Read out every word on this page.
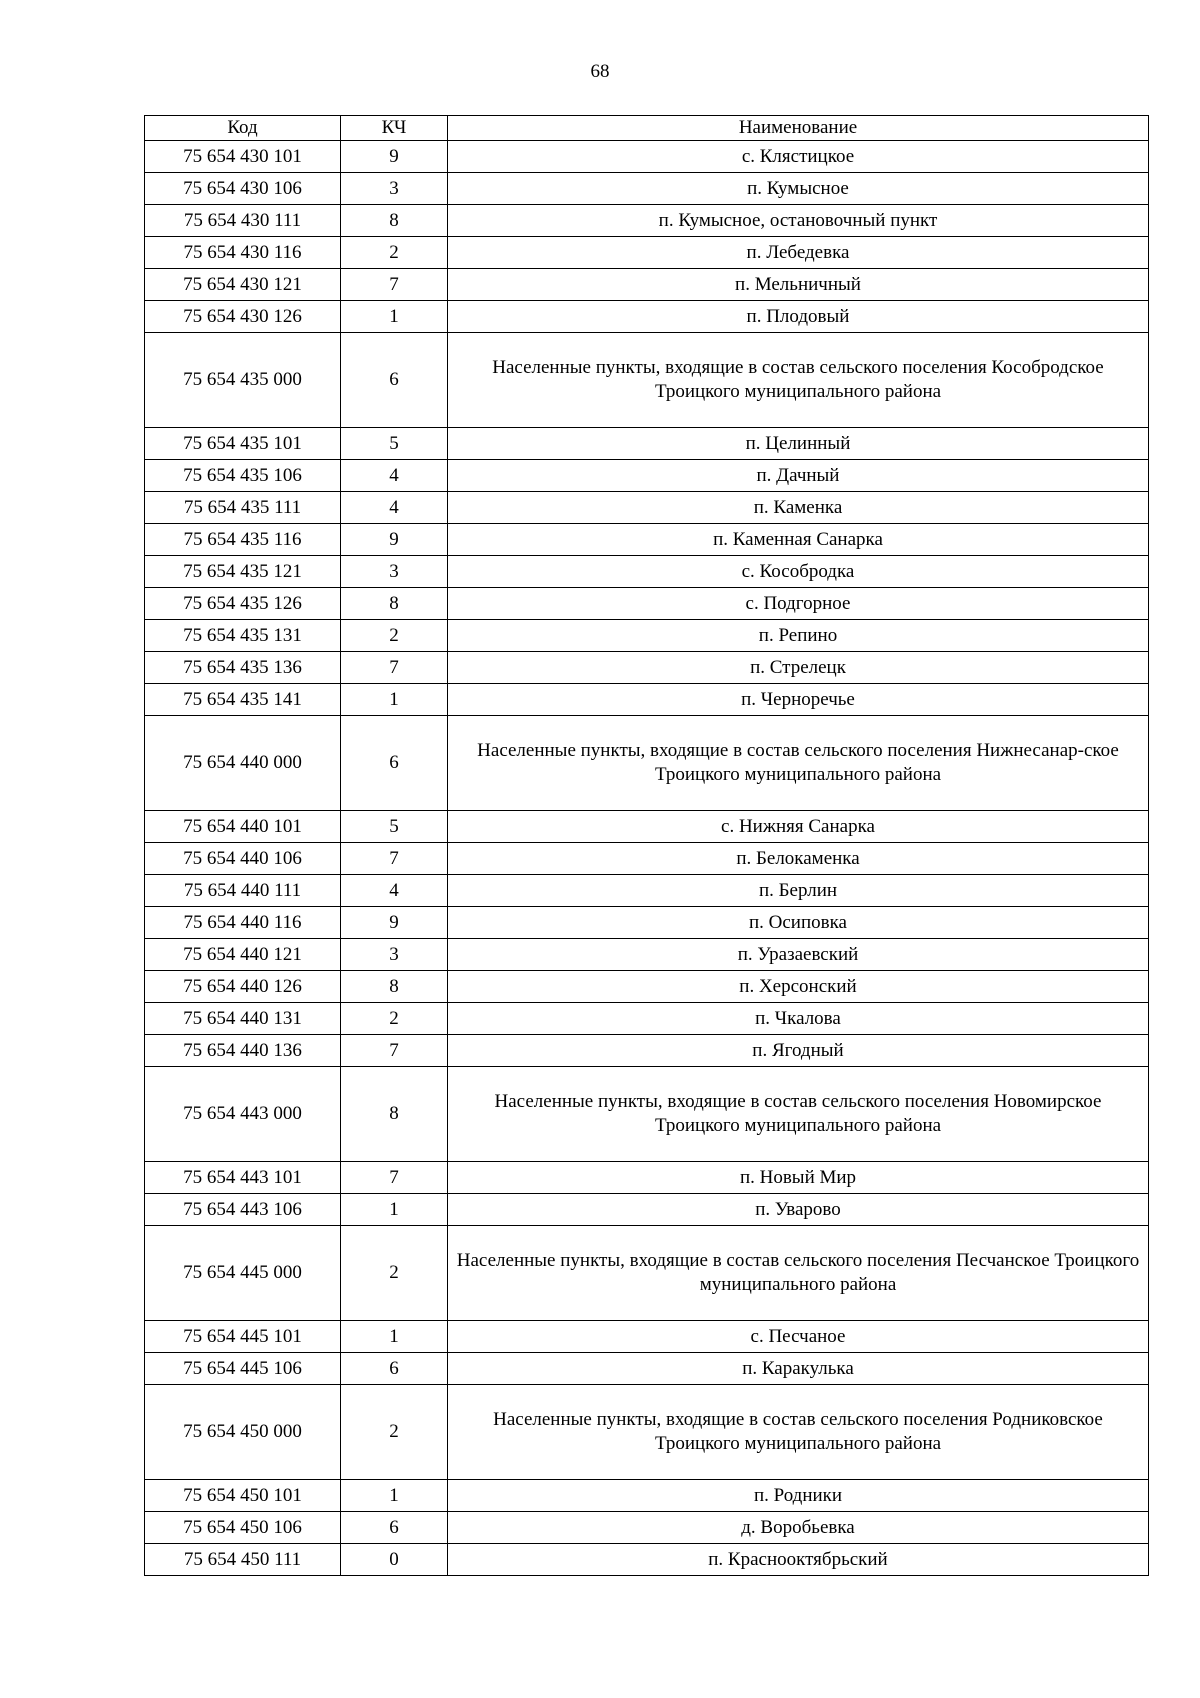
68
Код	КЧ	Наименование
75 654 430 101	9	с. Клястицкое
75 654 430 106	3	п. Кумысное
75 654 430 111	8	п. Кумысное, остановочный пункт
75 654 430 116	2	п. Лебедевка
75 654 430 121	7	п. Мельничный
75 654 430 126	1	п. Плодовый
75 654 435 000	6	Населенные пункты, входящие в состав сельского поселения Кособродское Троицкого муниципального района
75 654 435 101	5	п. Целинный
75 654 435 106	4	п. Дачный
75 654 435 111	4	п. Каменка
75 654 435 116	9	п. Каменная Санарка
75 654 435 121	3	с. Кособродка
75 654 435 126	8	с. Подгорное
75 654 435 131	2	п. Репино
75 654 435 136	7	п. Стрелецк
75 654 435 141	1	п. Черноречье
75 654 440 000	6	Населенные пункты, входящие в состав сельского поселения Нижнесанар-ское Троицкого муниципального района
75 654 440 101	5	с. Нижняя Санарка
75 654 440 106	7	п. Белокаменка
75 654 440 111	4	п. Берлин
75 654 440 116	9	п. Осиповка
75 654 440 121	3	п. Уразаевский
75 654 440 126	8	п. Херсонский
75 654 440 131	2	п. Чкалова
75 654 440 136	7	п. Ягодный
75 654 443 000	8	Населенные пункты, входящие в состав сельского поселения Новомирское Троицкого муниципального района
75 654 443 101	7	п. Новый Мир
75 654 443 106	1	п. Уварово
75 654 445 000	2	Населенные пункты, входящие в состав сельского поселения Песчанское Троицкого муниципального района
75 654 445 101	1	с. Песчаное
75 654 445 106	6	п. Каракулька
75 654 450 000	2	Населенные пункты, входящие в состав сельского поселения Родниковское Троицкого муниципального района
75 654 450 101	1	п. Родники
75 654 450 106	6	д. Воробьевка
75 654 450 111	0	п. Краснооктябрьский
